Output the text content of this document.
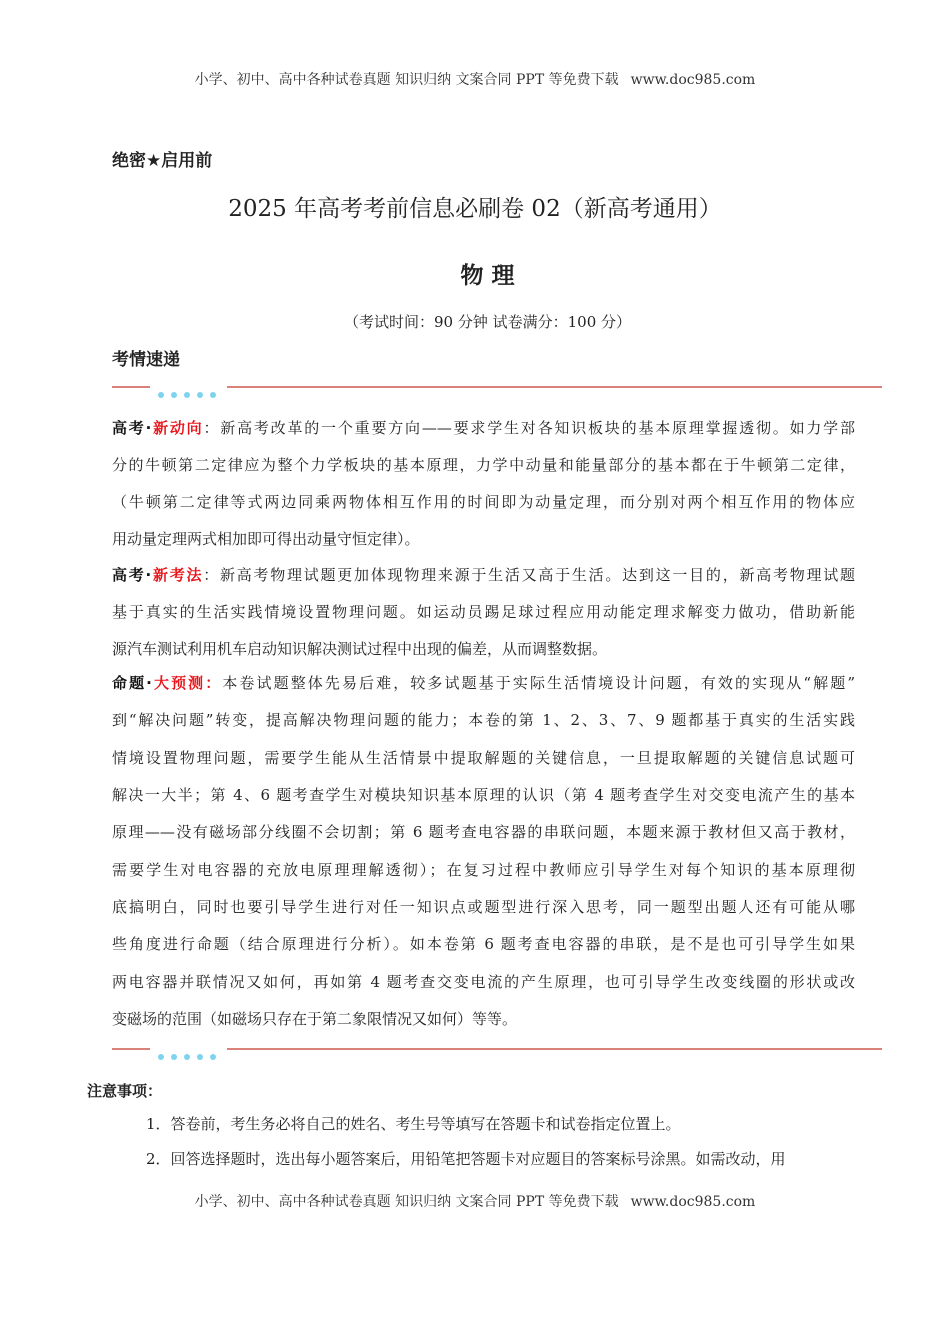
小学、初中、高中各种试卷真题 知识归纳 文案合同 PPT 等免费下载 www.doc985.com
绝密★启用前
2025 年高考考前信息必刷卷 02（新高考通用）
物 理
（考试时间：90 分钟 试卷满分：100 分）
考情速递
高考·新动向：新高考改革的一个重要方向——要求学生对各知识板块的基本原理掌握透彻。如力学部
分的牛顿第二定律应为整个力学板块的基本原理，力学中动量和能量部分的基本都在于牛顿第二定律，
（牛顿第二定律等式两边同乘两物体相互作用的时间即为动量定理，而分别对两个相互作用的物体应
用动量定理两式相加即可得出动量守恒定律）。
高考·新考法：新高考物理试题更加体现物理来源于生活又高于生活。达到这一目的，新高考物理试题
基于真实的生活实践情境设置物理问题。如运动员踢足球过程应用动能定理求解变力做功，借助新能
源汽车测试利用机车启动知识解决测试过程中出现的偏差，从而调整数据。
命题·大预测：本卷试题整体先易后难，较多试题基于实际生活情境设计问题，有效的实现从“解题”
到“解决问题”转变，提高解决物理问题的能力；本卷的第 1、2、3、7、9 题都基于真实的生活实践
情境设置物理问题，需要学生能从生活情景中提取解题的关键信息，一旦提取解题的关键信息试题可
解决一大半；第 4、6 题考查学生对模块知识基本原理的认识（第 4 题考查学生对交变电流产生的基本
原理——没有磁场部分线圈不会切割；第 6 题考查电容器的串联问题，本题来源于教材但又高于教材，
需要学生对电容器的充放电原理理解透彻）；在复习过程中教师应引导学生对每个知识的基本原理彻
底搞明白，同时也要引导学生进行对任一知识点或题型进行深入思考，同一题型出题人还有可能从哪
些角度进行命题（结合原理进行分析）。如本卷第 6 题考查电容器的串联，是不是也可引导学生如果
两电容器并联情况又如何，再如第 4 题考查交变电流的产生原理，也可引导学生改变线圈的形状或改
变磁场的范围（如磁场只存在于第二象限情况又如何）等等。
注意事项：
1．答卷前，考生务必将自己的姓名、考生号等填写在答题卡和试卷指定位置上。
2．回答选择题时，选出每小题答案后，用铅笔把答题卡对应题目的答案标号涂黑。如需改动，用
小学、初中、高中各种试卷真题 知识归纳 文案合同 PPT 等免费下载 www.doc985.com
